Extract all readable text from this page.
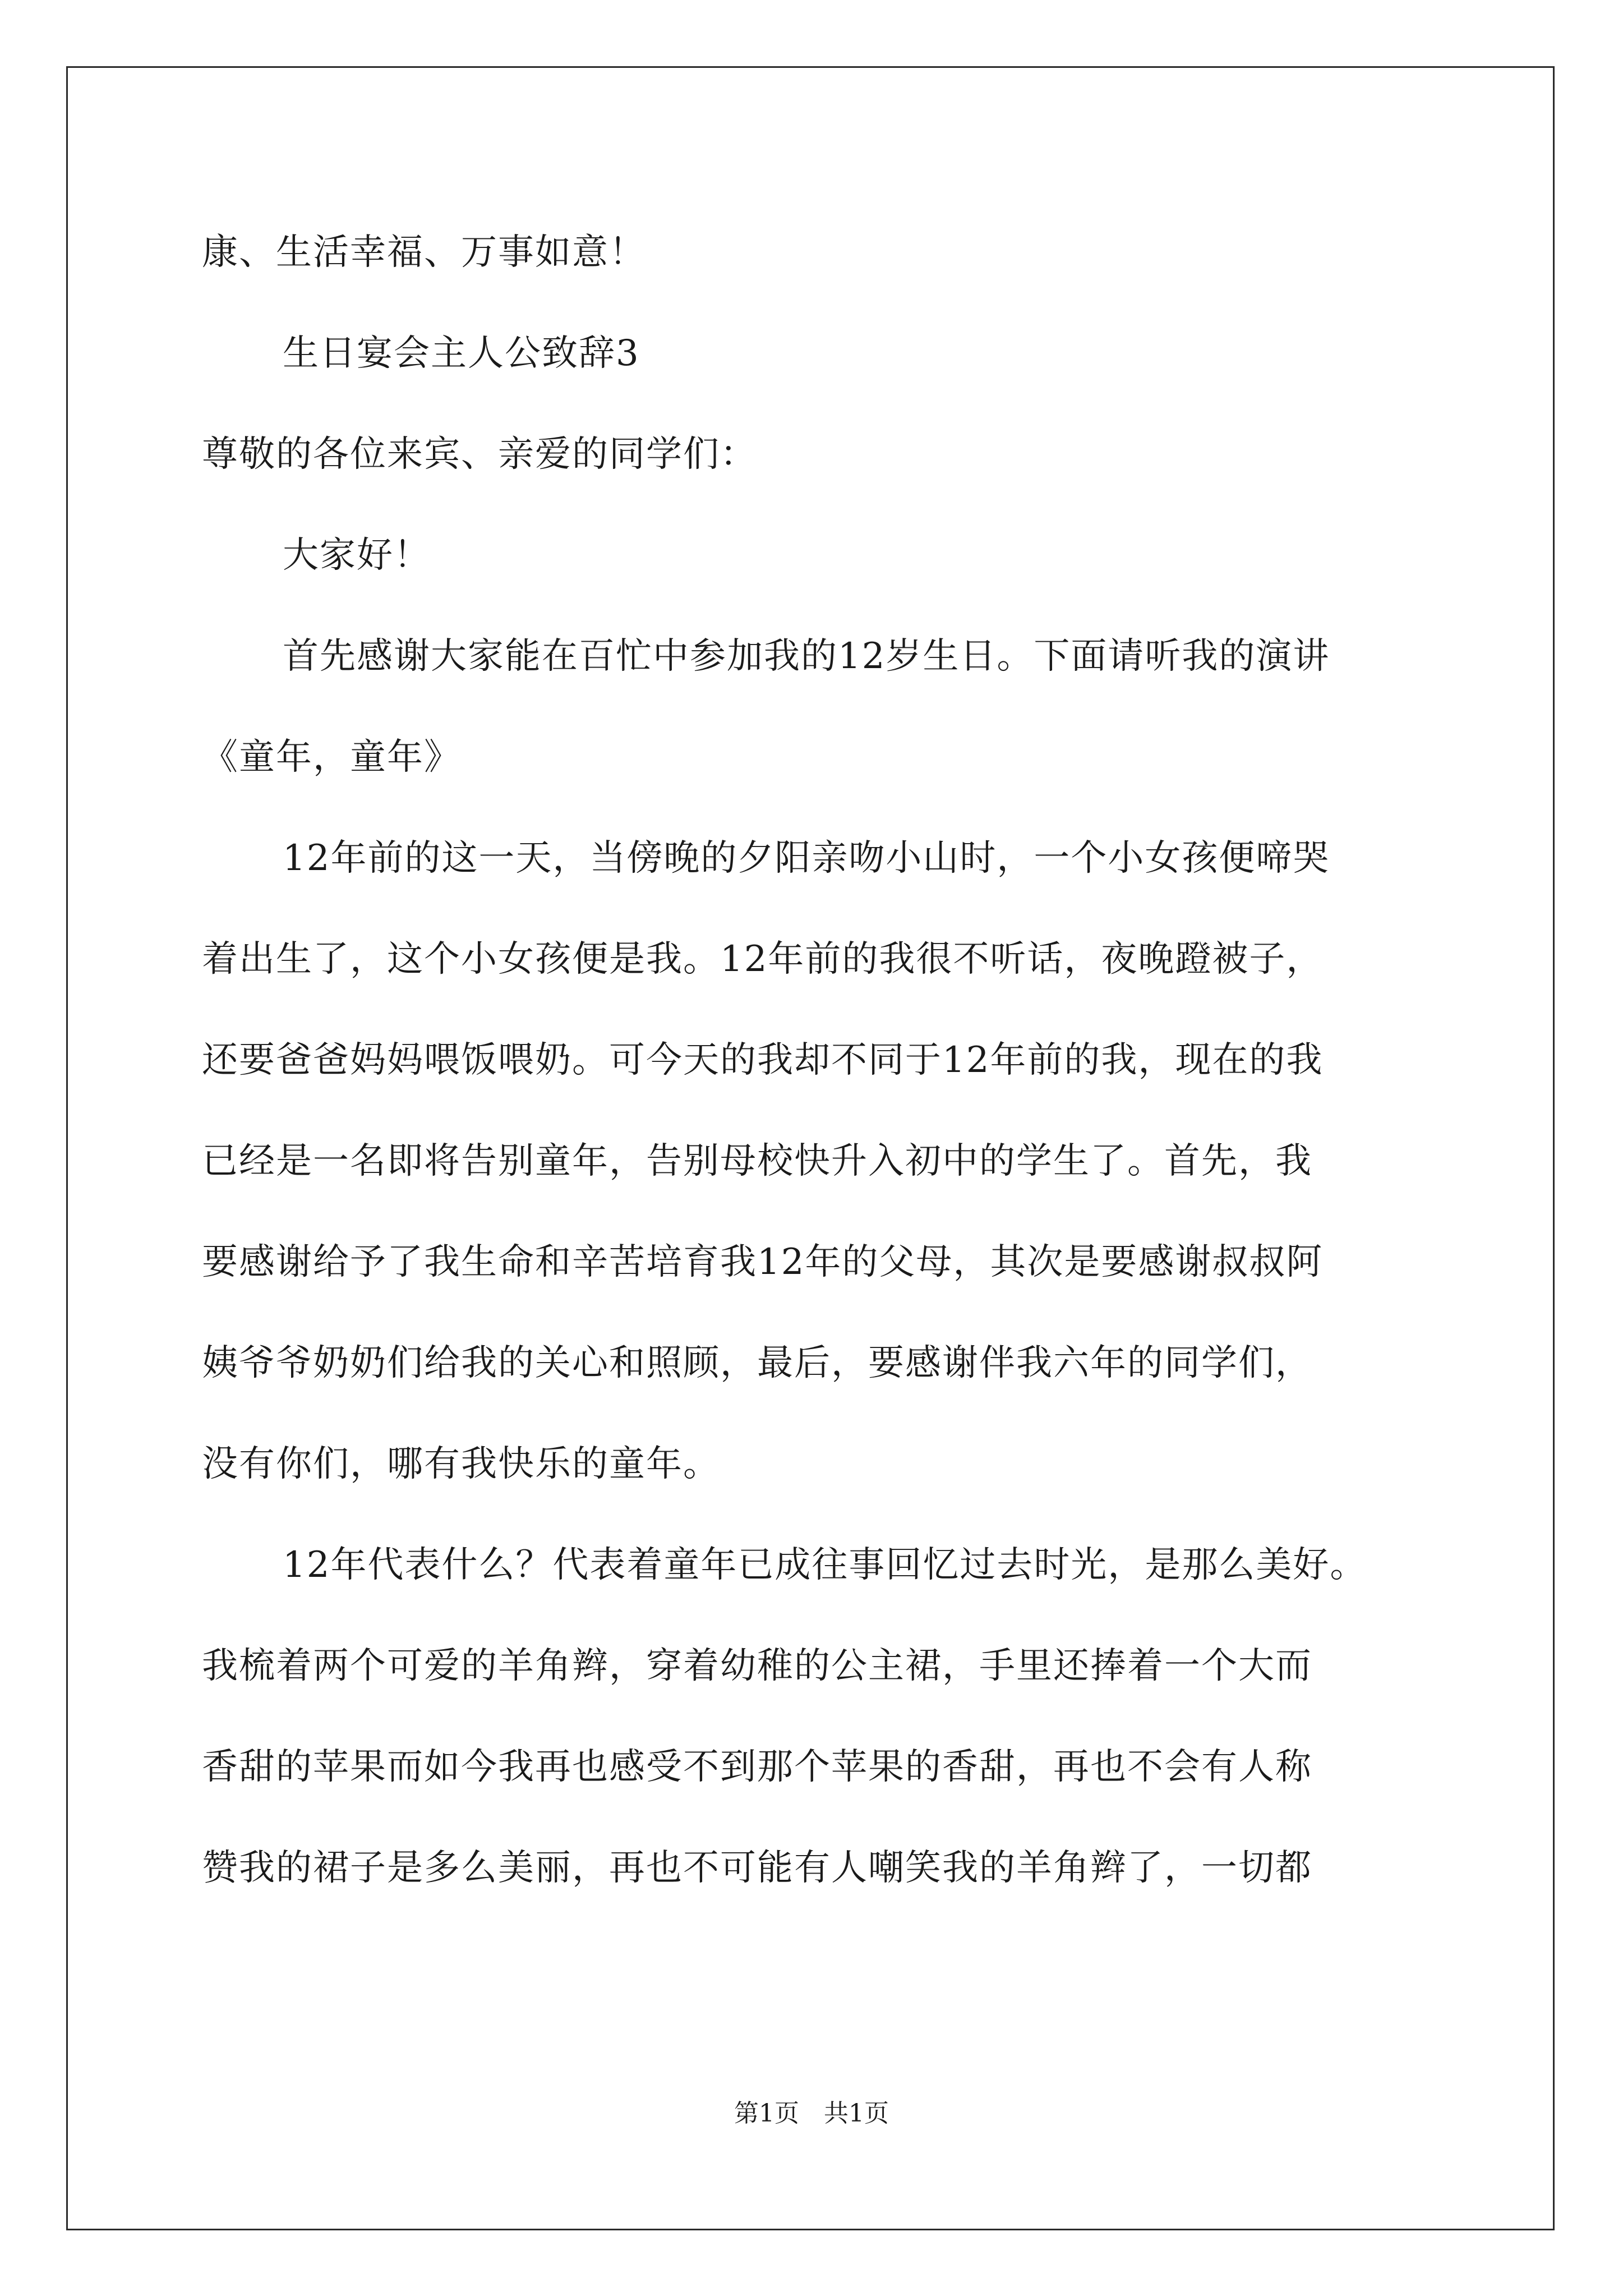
康、生活幸福、万事如意！
生日宴会主人公致辞3
尊敬的各位来宾、亲爱的同学们：
大家好！
首先感谢大家能在百忙中参加我的12岁生日。下面请听我的演讲
《童年，童年》
12年前的这一天，当傍晚的夕阳亲吻小山时，一个小女孩便啼哭
着出生了，这个小女孩便是我。12年前的我很不听话，夜晚蹬被子，
还要爸爸妈妈喂饭喂奶。可今天的我却不同于12年前的我，现在的我
已经是一名即将告别童年，告别母校快升入初中的学生了。首先，我
要感谢给予了我生命和辛苦培育我12年的父母，其次是要感谢叔叔阿
姨爷爷奶奶们给我的关心和照顾，最后，要感谢伴我六年的同学们，
没有你们，哪有我快乐的童年。
12年代表什么？代表着童年已成往事回忆过去时光，是那么美好。
我梳着两个可爱的羊角辫，穿着幼稚的公主裙，手里还捧着一个大而
香甜的苹果而如今我再也感受不到那个苹果的香甜，再也不会有人称
赞我的裙子是多么美丽，再也不可能有人嘲笑我的羊角辫了，一切都
第1页　共1页
